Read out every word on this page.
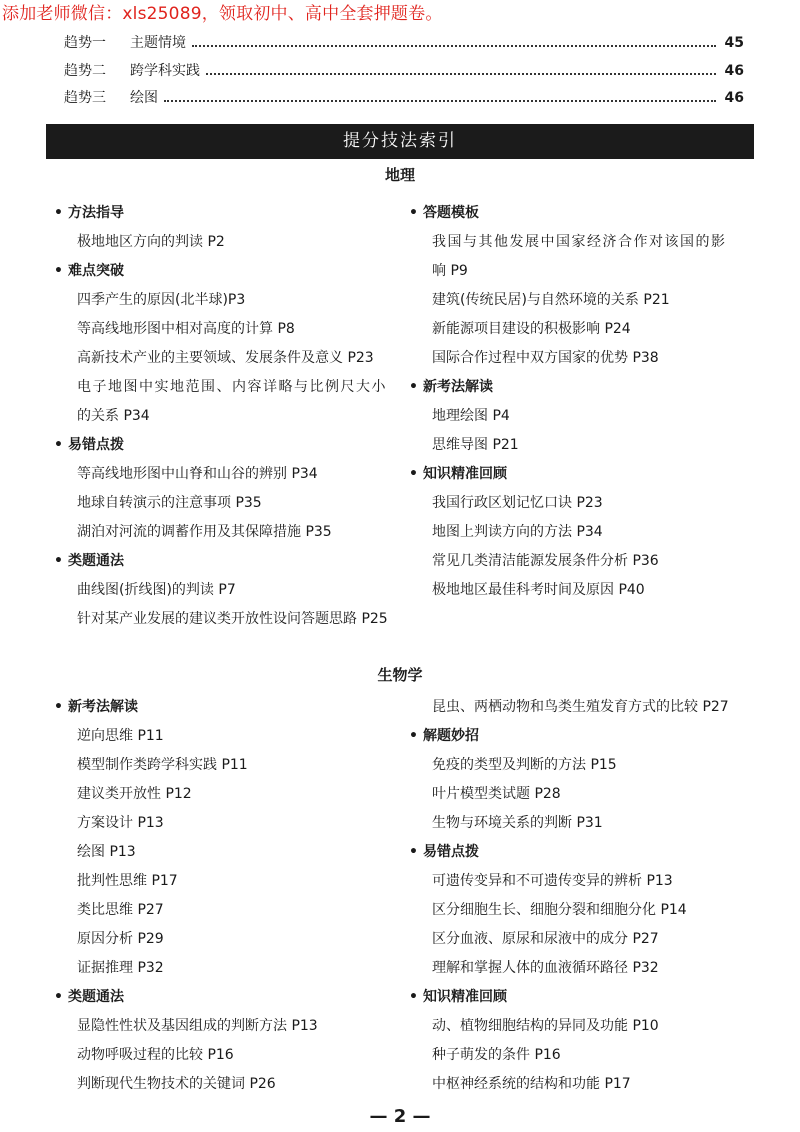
添加老师微信：xls25089，领取初中、高中全套押题卷。
趋势一	主题情境	45
趋势二	跨学科实践	46
趋势三	绘图	46
提分技法索引
地理
• 方法指导
极地地区方向的判读 P2
• 难点突破
四季产生的原因(北半球)P3
等高线地形图中相对高度的计算 P8
高新技术产业的主要领域、发展条件及意义 P23
电子地图中实地范围、内容详略与比例尺大小
的关系 P34
• 易错点拨
等高线地形图中山脊和山谷的辨别 P34
地球自转演示的注意事项 P35
湖泊对河流的调蓄作用及其保障措施 P35
• 类题通法
曲线图(折线图)的判读 P7
针对某产业发展的建议类开放性设问答题思路 P25
• 答题模板
我国与其他发展中国家经济合作对该国的影
响 P9
建筑(传统民居)与自然环境的关系 P21
新能源项目建设的积极影响 P24
国际合作过程中双方国家的优势 P38
• 新考法解读
地理绘图 P4
思维导图 P21
• 知识精准回顾
我国行政区划记忆口诀 P23
地图上判读方向的方法 P34
常见几类清洁能源发展条件分析 P36
极地地区最佳科考时间及原因 P40
生物学
• 新考法解读
逆向思维 P11
模型制作类跨学科实践 P11
建议类开放性 P12
方案设计 P13
绘图 P13
批判性思维 P17
类比思维 P27
原因分析 P29
证据推理 P32
• 类题通法
显隐性性状及基因组成的判断方法 P13
动物呼吸过程的比较 P16
判断现代生物技术的关键词 P26
昆虫、两栖动物和鸟类生殖发育方式的比较 P27
• 解题妙招
免疫的类型及判断的方法 P15
叶片模型类试题 P28
生物与环境关系的判断 P31
• 易错点拨
可遗传变异和不可遗传变异的辨析 P13
区分细胞生长、细胞分裂和细胞分化 P14
区分血液、原尿和尿液中的成分 P27
理解和掌握人体的血液循环路径 P32
• 知识精准回顾
动、植物细胞结构的异同及功能 P10
种子萌发的条件 P16
中枢神经系统的结构和功能 P17
— 2 —
